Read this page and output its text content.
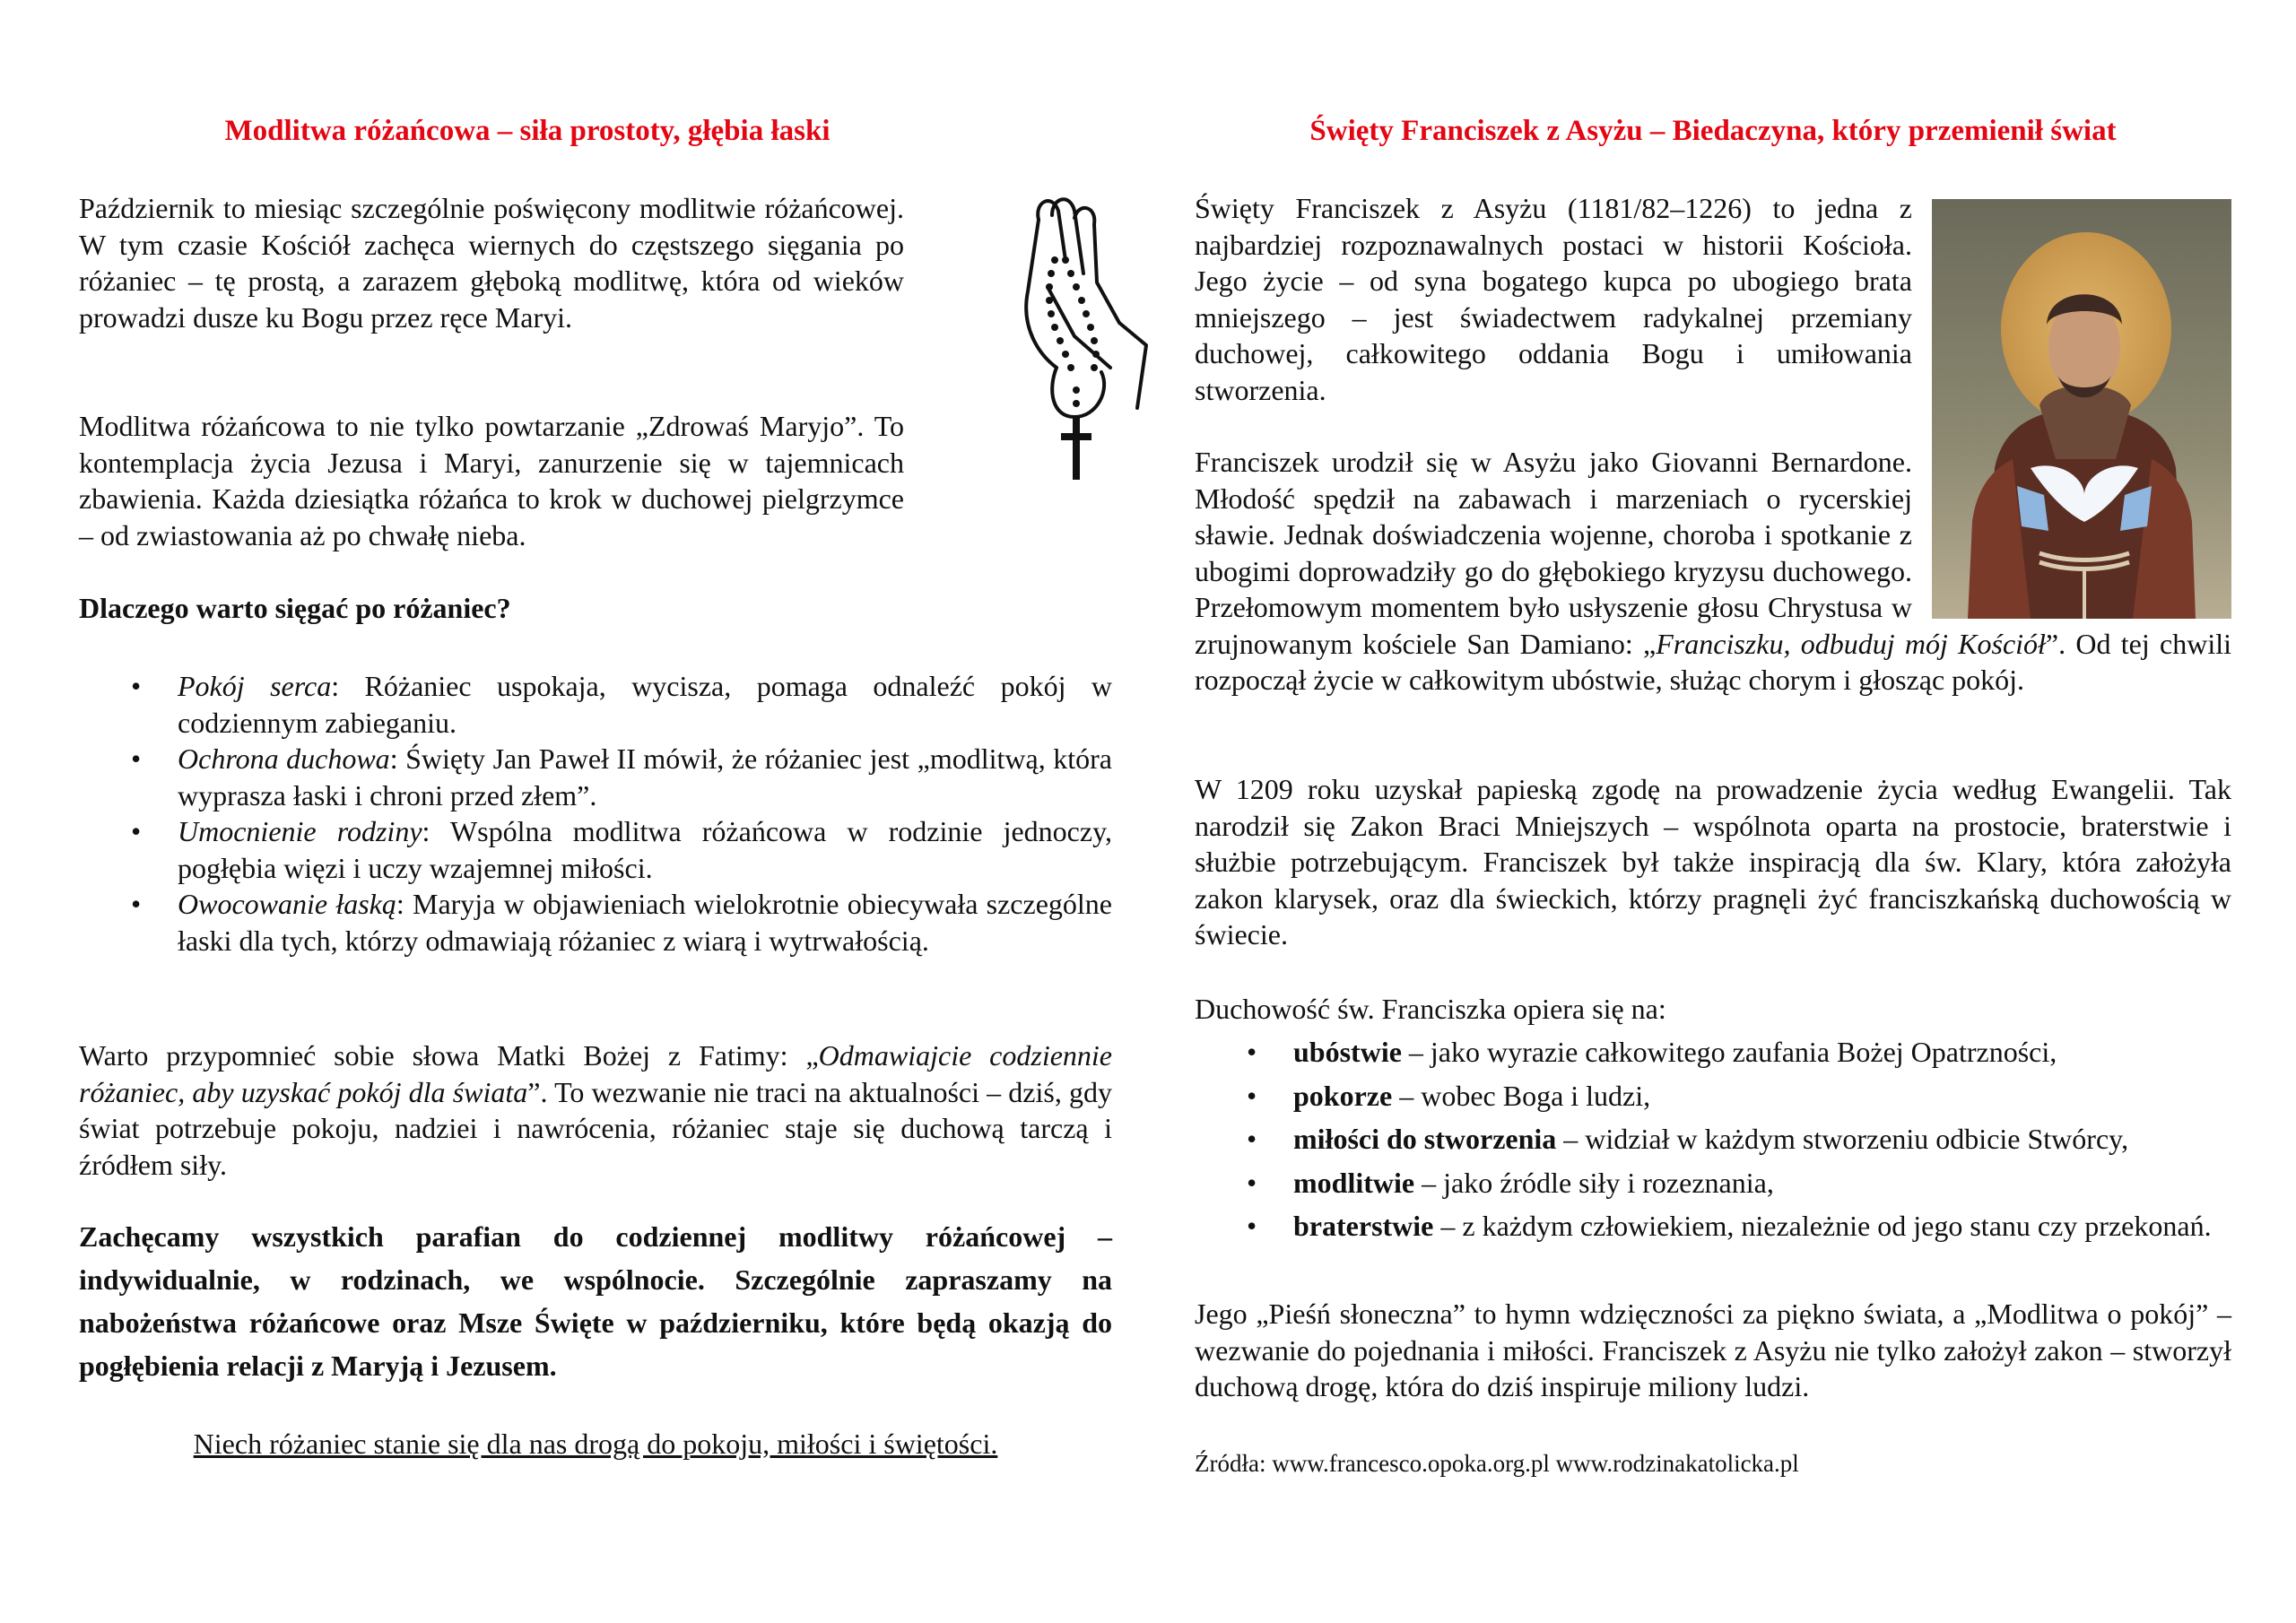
Modlitwa różańcowa – siła prostoty, głębia łaski

Październik to miesiąc szczególnie poświęcony modlitwie różańcowej. W tym czasie Kościół zachęca wiernych do częstszego sięgania po różaniec – tę prostą, a zarazem głęboką modlitwę, która od wieków prowadzi dusze ku Bogu przez ręce Maryi.

Modlitwa różańcowa to nie tylko powtarzanie „Zdrowaś Maryjo”. To kontemplacja życia Jezusa i Maryi, zanurzenie się w tajemnicach zbawienia. Każda dziesiątka różańca to krok w duchowej pielgrzymce – od zwiastowania aż po chwałę nieba.

Dlaczego warto sięgać po różaniec?
• Pokój serca: Różaniec uspokaja, wycisza, pomaga odnaleźć pokój w codziennym zabieganiu.
• Ochrona duchowa: Święty Jan Paweł II mówił, że różaniec jest „modlitwą, która wyprasza łaski i chroni przed złem”.
• Umocnienie rodziny: Wspólna modlitwa różańcowa w rodzinie jednoczy, pogłębia więzi i uczy wzajemnej miłości.
• Owocowanie łaską: Maryja w objawieniach wielokrotnie obiecywała szczególne łaski dla tych, którzy odmawiają różaniec z wiarą i wytrwałością.

Warto przypomnieć sobie słowa Matki Bożej z Fatimy: „Odmawiajcie codziennie różaniec, aby uzyskać pokój dla świata”. To wezwanie nie traci na aktualności – dziś, gdy świat potrzebuje pokoju, nadziei i nawrócenia, różaniec staje się duchową tarczą i źródłem siły.

Zachęcamy wszystkich parafian do codziennej modlitwy różańcowej – indywidualnie, w rodzinach, we wspólnocie. Szczególnie zapraszamy na nabożeństwa różańcowe oraz Msze Święte w październiku, które będą okazją do pogłębienia relacji z Maryją i Jezusem.

Niech różaniec stanie się dla nas drogą do pokoju, miłości i świętości.

Święty Franciszek z Asyżu – Biedaczyna, który przemienił świat

Święty Franciszek z Asyżu (1181/82–1226) to jedna z najbardziej rozpoznawalnych postaci w historii Kościoła. Jego życie – od syna bogatego kupca po ubogiego brata mniejszego – jest świadectwem radykalnej przemiany duchowej, całkowitego oddania Bogu i umiłowania stworzenia.

Franciszek urodził się w Asyżu jako Giovanni Bernardone. Młodość spędził na zabawach i marzeniach o rycerskiej sławie. Jednak doświadczenia wojenne, choroba i spotkanie z ubogimi doprowadziły go do głębokiego kryzysu duchowego. Przełomowym momentem było usłyszenie głosu Chrystusa w zrujnowanym kościele San Damiano: „Franciszku, odbuduj mój Kościół”. Od tej chwili rozpoczął życie w całkowitym ubóstwie, służąc chorym i głosząc pokój.

W 1209 roku uzyskał papieską zgodę na prowadzenie życia według Ewangelii. Tak narodził się Zakon Braci Mniejszych – wspólnota oparta na prostocie, braterstwie i służbie potrzebującym. Franciszek był także inspiracją dla św. Klary, która założyła zakon klarysek, oraz dla świeckich, którzy pragnęli żyć franciszkańską duchowością w świecie.

Duchowość św. Franciszka opiera się na:

• ubóstwie – jako wyrazie całkowitego zaufania Bożej Opatrzności,
• pokorze – wobec Boga i ludzi,
• miłości do stworzenia – widział w każdym stworzeniu odbicie Stwórcy,
• modlitwie – jako źródle siły i rozeznania,
• braterstwie – z każdym człowiekiem, niezależnie od jego stanu czy przekonań.

Jego „Pieśń słoneczna” to hymn wdzięczności za piękno świata, a „Modlitwa o pokój” – wezwanie do pojednania i miłości. Franciszek z Asyżu nie tylko założył zakon – stworzył duchową drogę, która do dziś inspiruje miliony ludzi.

Źródła: www.francesco.opoka.org.pl www.rodzinakatolicka.pl
